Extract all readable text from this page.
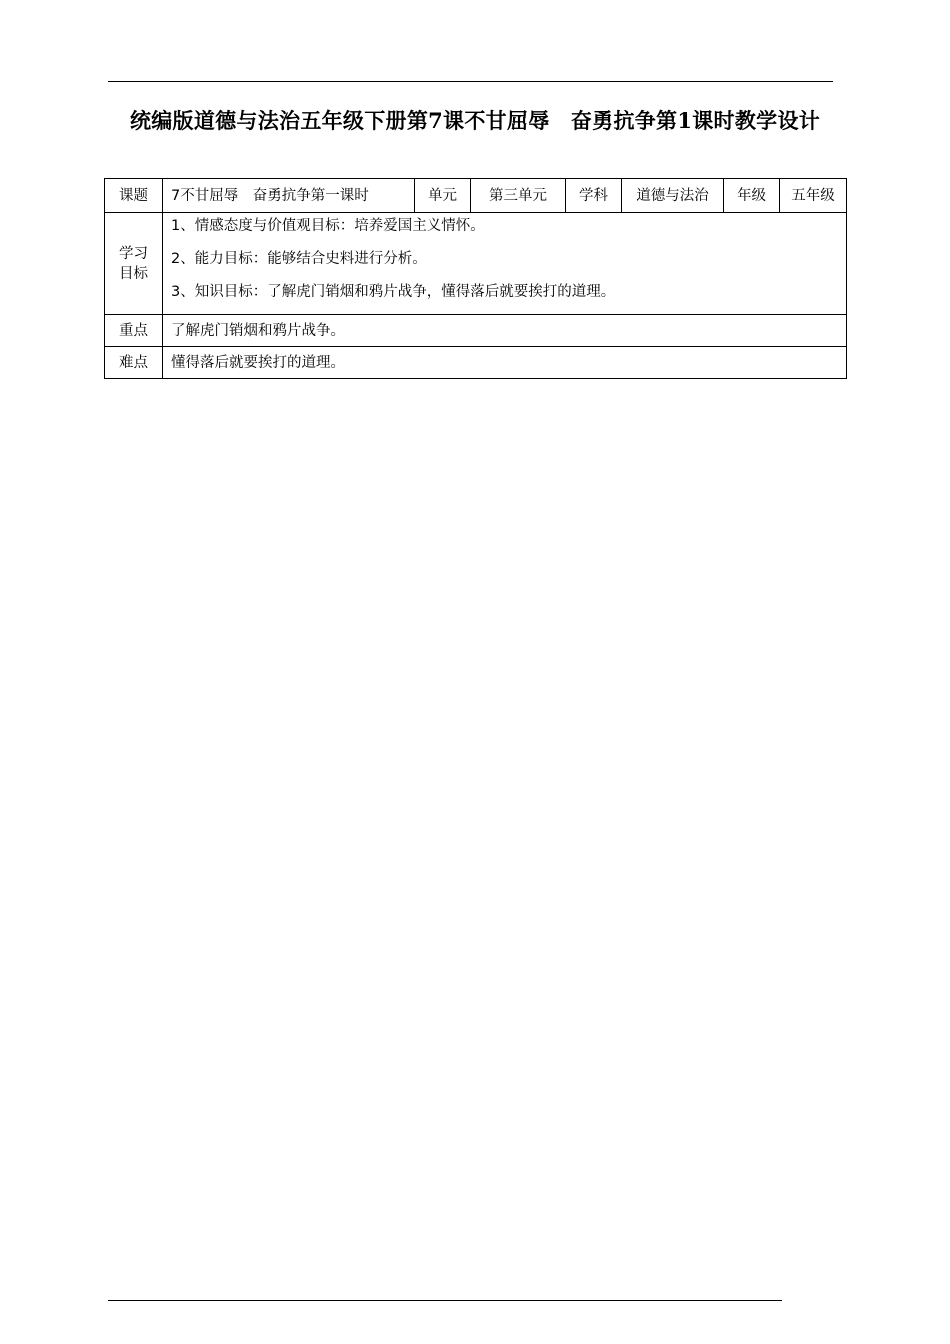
统编版道德与法治五年级下册第7课不甘屈辱　奋勇抗争第1课时教学设计
课题	7不甘屈辱　奋勇抗争第一课时	单元	第三单元	学科	道德与法治	年级	五年级
学习
目标	1、情感态度与价值观目标：培养爱国主义情怀。
2、能力目标：能够结合史料进行分析。
3、知识目标：了解虎门销烟和鸦片战争，懂得落后就要挨打的道理。						

重点	了解虎门销烟和鸦片战争。						
难点	懂得落后就要挨打的道理。						
